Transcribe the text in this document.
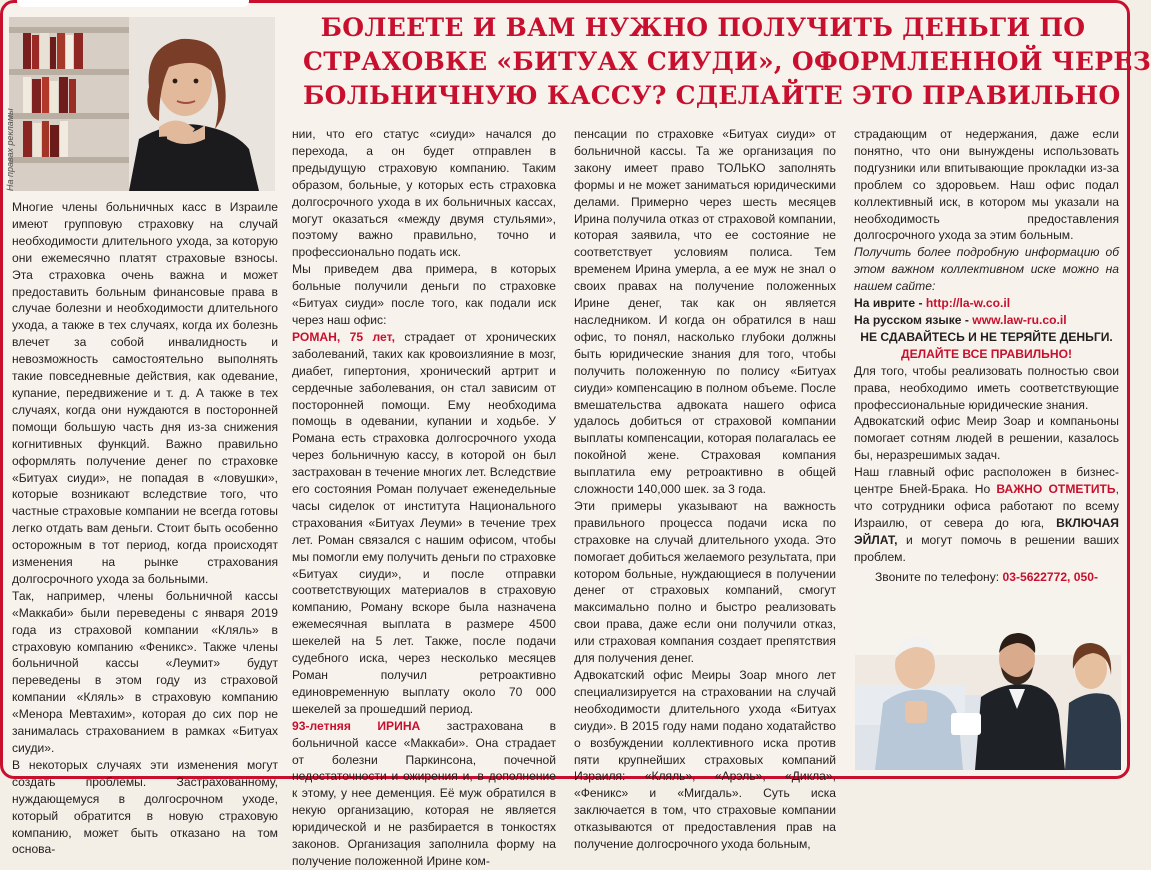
На правах рекламы
БОЛЕЕТЕ И ВАМ НУЖНО ПОЛУЧИТЬ ДЕНЬГИ ПО
СТРАХОВКЕ «БИТУАХ СИУДИ», ОФОРМЛЕННОЙ ЧЕРЕЗ
БОЛЬНИЧНУЮ КАССУ? СДЕЛАЙТЕ ЭТО ПРАВИЛЬНО

Многие члены больничных касс в Израиле имеют групповую страховку на случай необходимости длительного ухода, за которую они ежемесячно платят страховые взносы. Эта страховка очень важна и может предоставить больным финансовые права в случае болезни и необходимости длительного ухода, а также в тех случаях, когда их болезнь влечет за собой инвалидность и невозможность самостоятельно выполнять такие повседневные действия, как одевание, купание, передвижение и т. д. А также в тех случаях, когда они нуждаются в посторонней помощи большую часть дня из-за снижения когнитивных функций. Важно правильно оформлять получение денег по страховке «Битуах сиуди», не попадая в «ловушки», которые возникают вследствие того, что частные страховые компании не всегда готовы легко отдать вам деньги. Стоит быть особенно осторожным в тот период, когда происходят изменения на рынке страхования долгосрочного ухода за больными.

Так, например, члены больничной кассы «Маккаби» были переведены с января 2019 года из страховой компании «Кляль» в страховую компанию «Феникс». Также члены больничной кассы «Леумит» будут переведены в этом году из страховой компании «Кляль» в страховую компанию «Менора Мевтахим», которая до сих пор не занималась страхованием в рамках «Битуах сиуди».

В некоторых случаях эти изменения могут создать проблемы. Застрахованному, нуждающемуся в долгосрочном уходе, который обратится в новую страховую компанию, может быть отказано на том основа-

нии, что его статус «сиуди» начался до перехода, а он будет отправлен в предыдущую страховую компанию. Таким образом, больные, у которых есть страховка долгосрочного ухода в их больничных кассах, могут оказаться «между двумя стульями», поэтому важно правильно, точно и профессионально подать иск.

Мы приведем два примера, в которых больные получили деньги по страховке «Битуах сиуди» после того, как подали иск через наш офис:

РОМАН, 75 лет, страдает от хронических заболеваний, таких как кровоизлияние в мозг, диабет, гипертония, хронический артрит и сердечные заболевания, он стал зависим от посторонней помощи. Ему необходима помощь в одевании, купании и ходьбе. У Романа есть страховка долгосрочного ухода через больничную кассу, в которой он был застрахован в течение многих лет. Вследствие его состояния Роман получает еженедельные часы сиделок от института Национального страхования «Битуах Леуми» в течение трех лет. Роман связался с нашим офисом, чтобы мы помогли ему получить деньги по страховке «Битуах сиуди», и после отправки соответствующих материалов в страховую компанию, Роману вскоре была назначена ежемесячная выплата в размере 4500 шекелей на 5 лет. Также, после подачи судебного иска, через несколько месяцев Роман получил ретроактивно единовременную выплату около 70 000 шекелей за прошедший период.

93-летняя ИРИНА застрахована в больничной кассе «Маккаби». Она страдает от болезни Паркинсона, почечной недостаточности и ожирения и, в дополнение к этому, у нее деменция. Её муж обратился в некую организацию, которая не является юридической и не разбирается в тонкостях законов. Организация заполнила форму на получение положенной Ирине ком-

пенсации по страховке «Битуах сиуди» от больничной кассы. Та же организация по закону имеет право ТОЛЬКО заполнять формы и не может заниматься юридическими делами. Примерно через шесть месяцев Ирина получила отказ от страховой компании, которая заявила, что ее состояние не соответствует условиям полиса. Тем временем Ирина умерла, а ее муж не знал о своих правах на получение положенных Ирине денег, так как он является наследником. И когда он обратился в наш офис, то понял, насколько глубоки должны быть юридические знания для того, чтобы получить положенную по полису «Битуах сиуди» компенсацию в полном объеме. После вмешательства адвоката нашего офиса удалось добиться от страховой компании выплаты компенсации, которая полагалась ее покойной жене. Страховая компания выплатила ему ретроактивно в общей сложности 140,000 шек. за 3 года.

Эти примеры указывают на важность правильного процесса подачи иска по страховке на случай длительного ухода. Это помогает добиться желаемого результата, при котором больные, нуждающиеся в получении денег от страховых компаний, смогут максимально полно и быстро реализовать свои права, даже если они получили отказ, или страховая компания создает препятствия для получения денег.

Адвокатский офис Меиры Зоар много лет специализируется на страховании на случай необходимости длительного ухода «Битуах сиуди». В 2015 году нами подано ходатайство о возбуждении коллективного иска против пяти крупнейших страховых компаний Израиля: «Кляль», «Арэль», «Дикла», «Феникс» и «Мигдаль». Суть иска заключается в том, что страховые компании отказываются от предоставления прав на получение долгосрочного ухода больным,

страдающим от недержания, даже если понятно, что они вынуждены использовать подгузники или впитывающие прокладки из-за проблем со здоровьем. Наш офис подал коллективный иск, в котором мы указали на необходимость предоставления долгосрочного ухода за этим больным.

Получить более подробную информацию об этом важном коллективном иске можно на нашем сайте:

На иврите - http://la-w.co.il

На русском языке - www.law-ru.co.il

НЕ СДАВАЙТЕСЬ И НЕ ТЕРЯЙТЕ ДЕНЬГИ.

ДЕЛАЙТЕ ВСЕ ПРАВИЛЬНО!

Для того, чтобы реализовать полностью свои права, необходимо иметь соответствующие профессиональные юридические знания.

Адвокатский офис Меир Зоар и компаньоны помогает сотням людей в решении, казалось бы, неразрешимых задач.

Наш главный офис расположен в бизнес-центре Бней-Брака. Но ВАЖНО ОТМЕТИТЬ, что сотрудники офиса работают по всему Израилю, от севера до юга, ВКЛЮЧАЯ ЭЙЛАТ, и могут помочь в решении ваших проблем.

Звоните по телефону: 03-5622772, 050-
